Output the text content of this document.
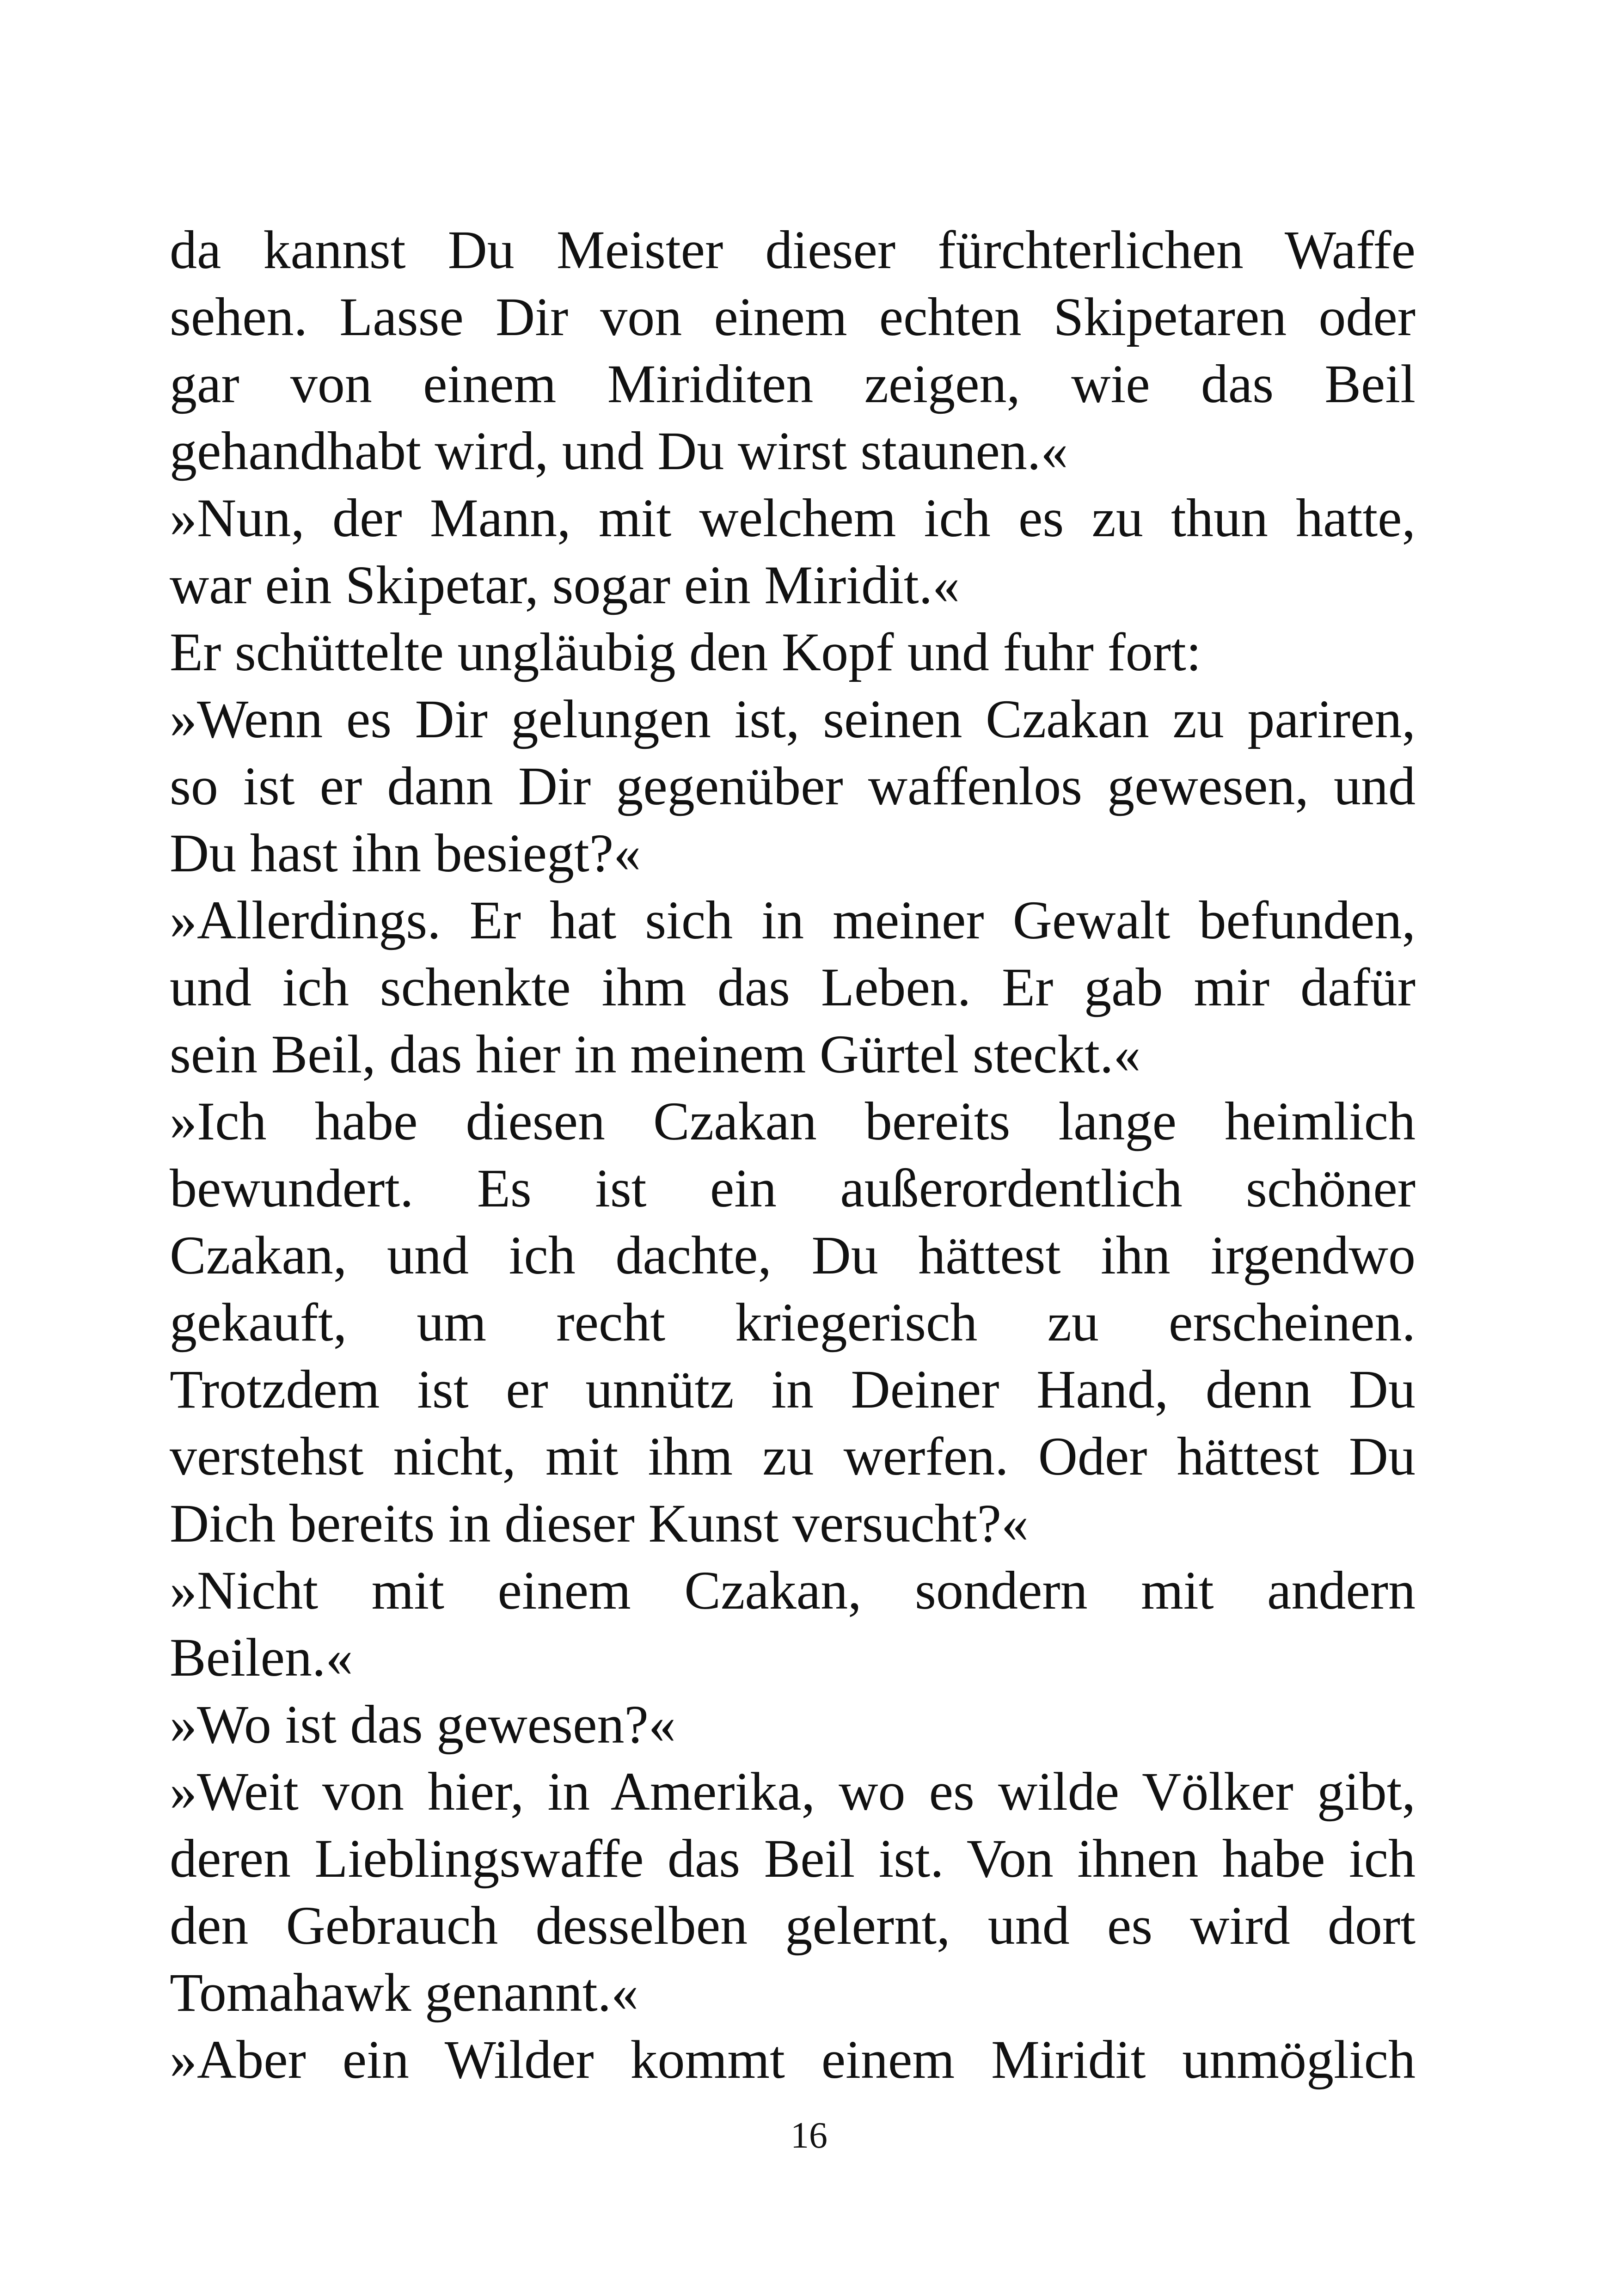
da kannst Du Meister dieser fürchterlichen Waffe
sehen. Lasse Dir von einem echten Skipetaren oder
gar von einem Miriditen zeigen, wie das Beil
gehandhabt wird, und Du wirst staunen.«
»Nun, der Mann, mit welchem ich es zu thun hatte,
war ein Skipetar, sogar ein Miridit.«
Er schüttelte ungläubig den Kopf und fuhr fort:
»Wenn es Dir gelungen ist, seinen Czakan zu pariren,
so ist er dann Dir gegenüber waffenlos gewesen, und
Du hast ihn besiegt?«
»Allerdings. Er hat sich in meiner Gewalt befunden,
und ich schenkte ihm das Leben. Er gab mir dafür
sein Beil, das hier in meinem Gürtel steckt.«
»Ich habe diesen Czakan bereits lange heimlich
bewundert. Es ist ein außerordentlich schöner
Czakan, und ich dachte, Du hättest ihn irgendwo
gekauft, um recht kriegerisch zu erscheinen.
Trotzdem ist er unnütz in Deiner Hand, denn Du
verstehst nicht, mit ihm zu werfen. Oder hättest Du
Dich bereits in dieser Kunst versucht?«
»Nicht mit einem Czakan, sondern mit andern
Beilen.«
»Wo ist das gewesen?«
»Weit von hier, in Amerika, wo es wilde Völker gibt,
deren Lieblingswaffe das Beil ist. Von ihnen habe ich
den Gebrauch desselben gelernt, und es wird dort
Tomahawk genannt.«
»Aber ein Wilder kommt einem Miridit unmöglich
16
